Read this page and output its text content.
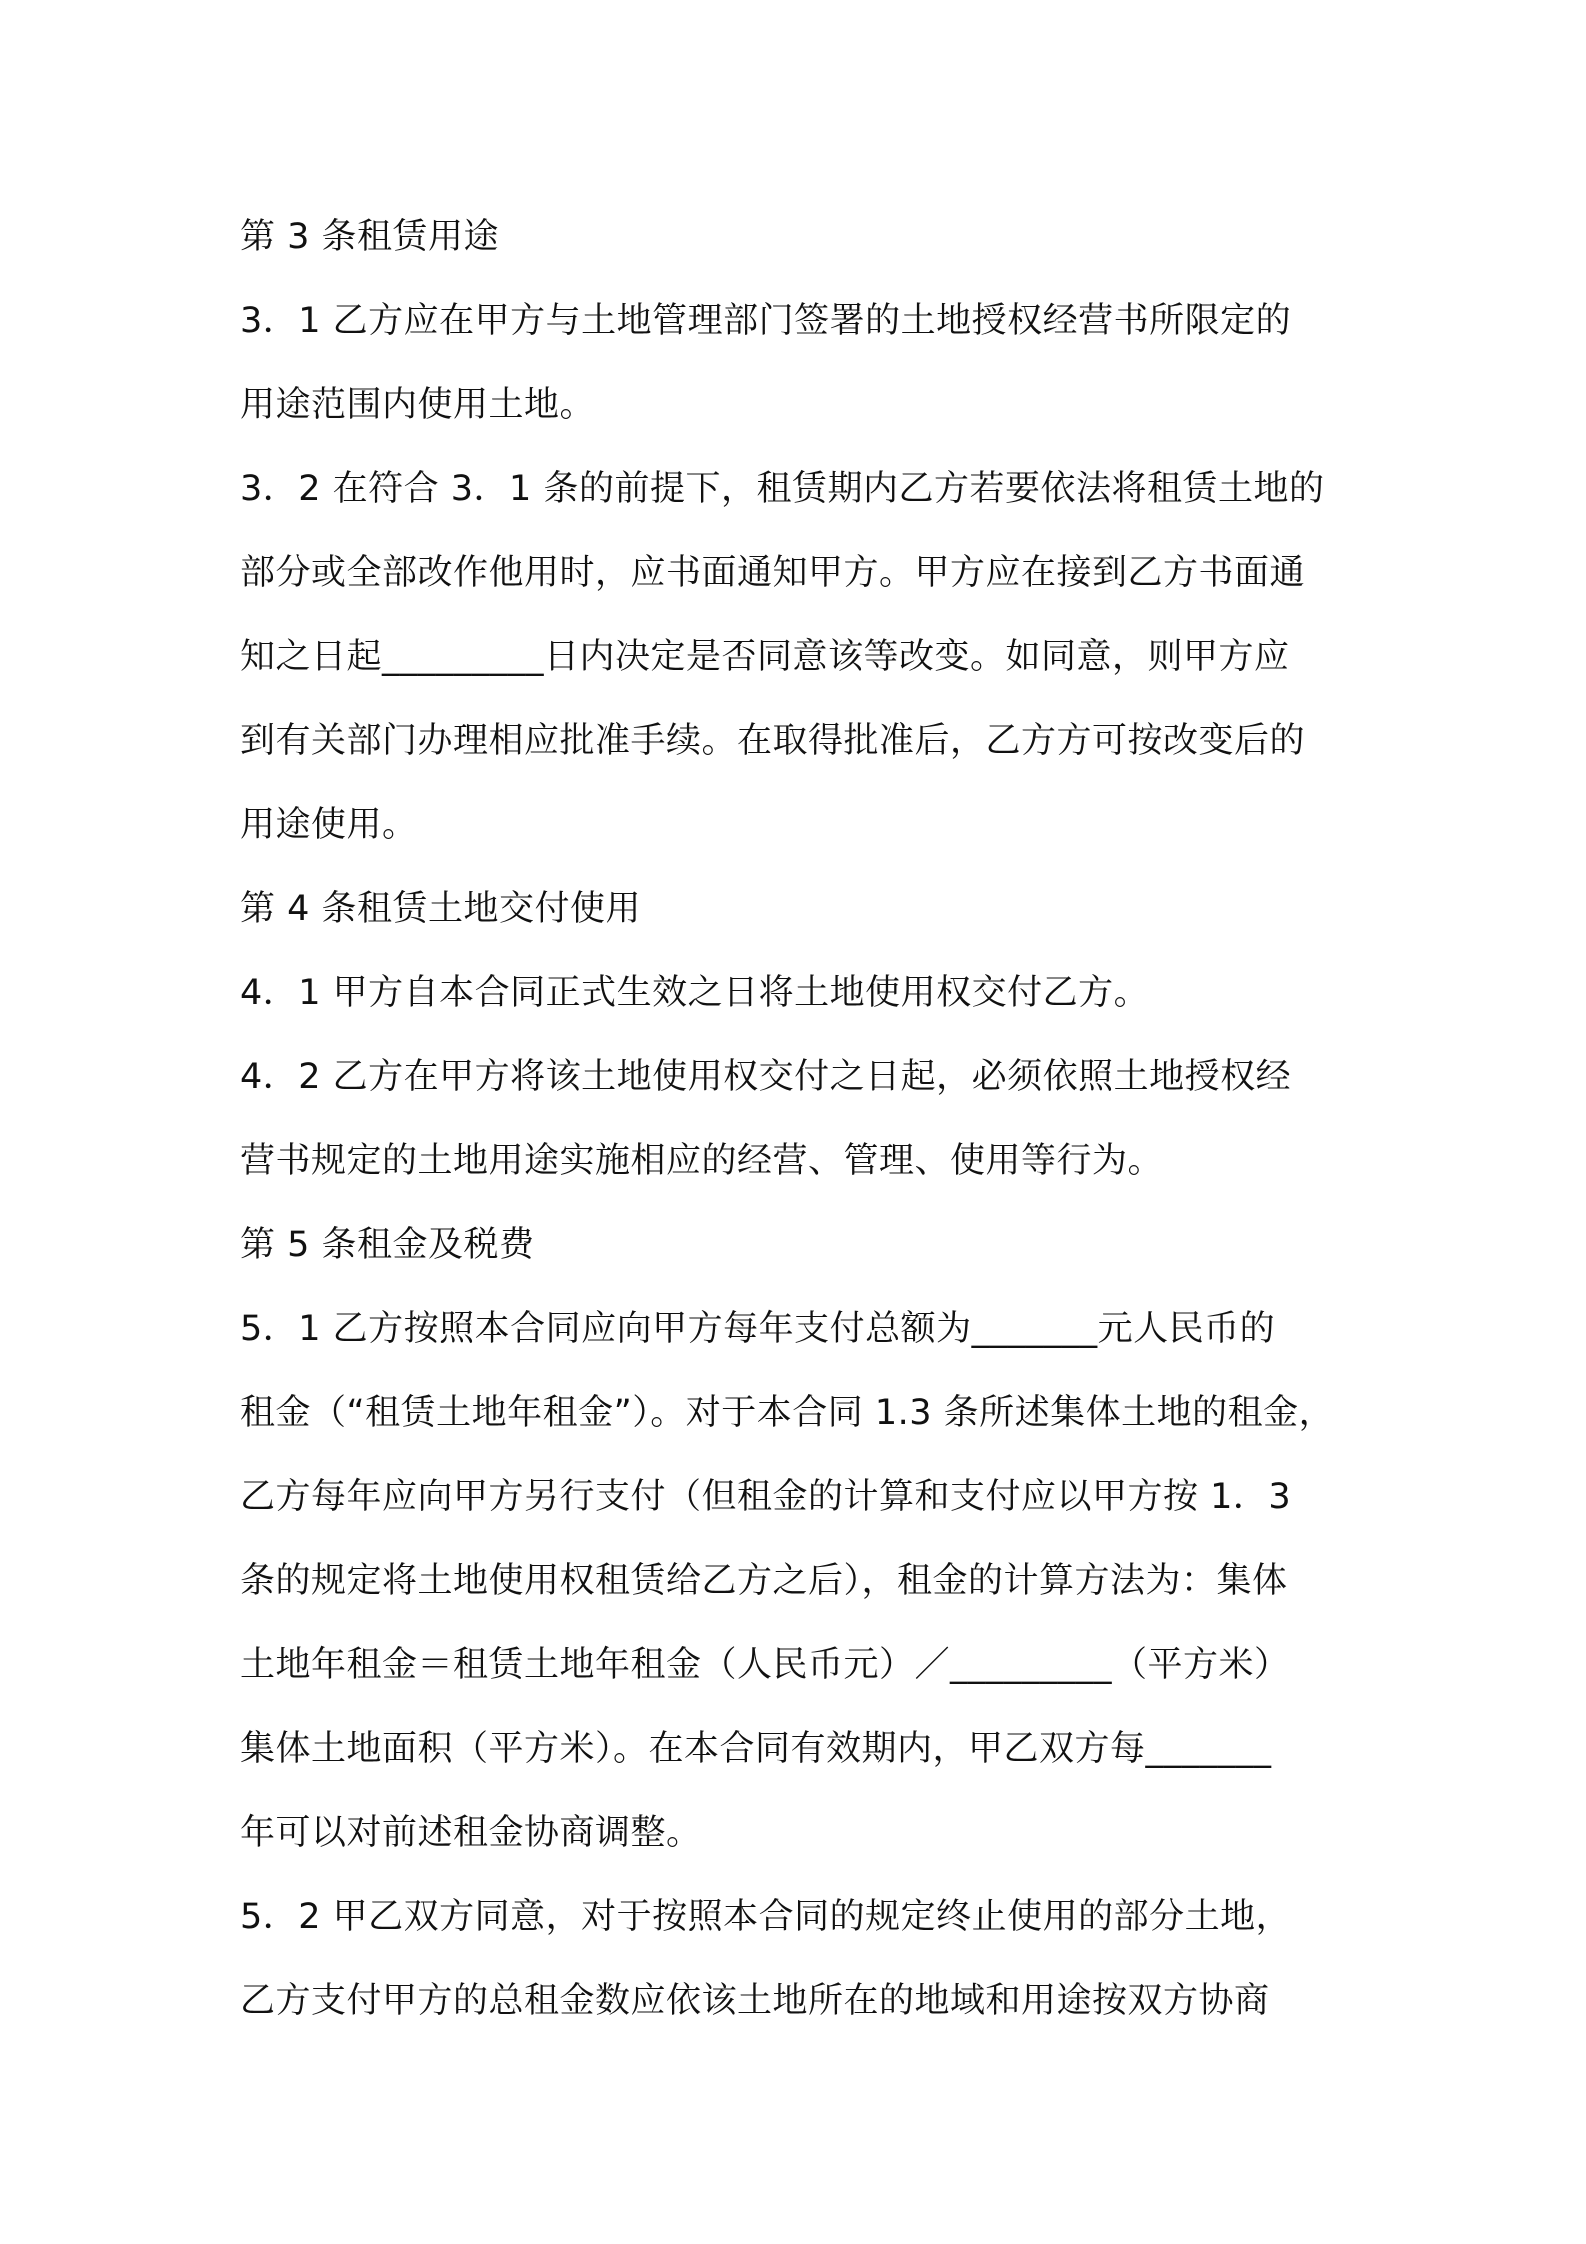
第 3 条租赁用途
3．1 乙方应在甲方与土地管理部门签署的土地授权经营书所限定的
用途范围内使用土地。
3．2 在符合 3．1 条的前提下，租赁期内乙方若要依法将租赁土地的
部分或全部改作他用时，应书面通知甲方。甲方应在接到乙方书面通
知之日起_________日内决定是否同意该等改变。如同意，则甲方应
到有关部门办理相应批准手续。在取得批准后，乙方方可按改变后的
用途使用。
第 4 条租赁土地交付使用
4．1 甲方自本合同正式生效之日将土地使用权交付乙方。
4．2 乙方在甲方将该土地使用权交付之日起，必须依照土地授权经
营书规定的土地用途实施相应的经营、管理、使用等行为。
第 5 条租金及税费
5．1 乙方按照本合同应向甲方每年支付总额为_______元人民币的
租金（“租赁土地年租金”）。对于本合同 1.3 条所述集体土地的租金，
乙方每年应向甲方另行支付（但租金的计算和支付应以甲方按 1．3
条的规定将土地使用权租赁给乙方之后），租金的计算方法为：集体
土地年租金＝租赁土地年租金（人民币元）／_________（平方米）
集体土地面积（平方米）。在本合同有效期内，甲乙双方每_______
年可以对前述租金协商调整。
5．2 甲乙双方同意，对于按照本合同的规定终止使用的部分土地，
乙方支付甲方的总租金数应依该土地所在的地域和用途按双方协商
